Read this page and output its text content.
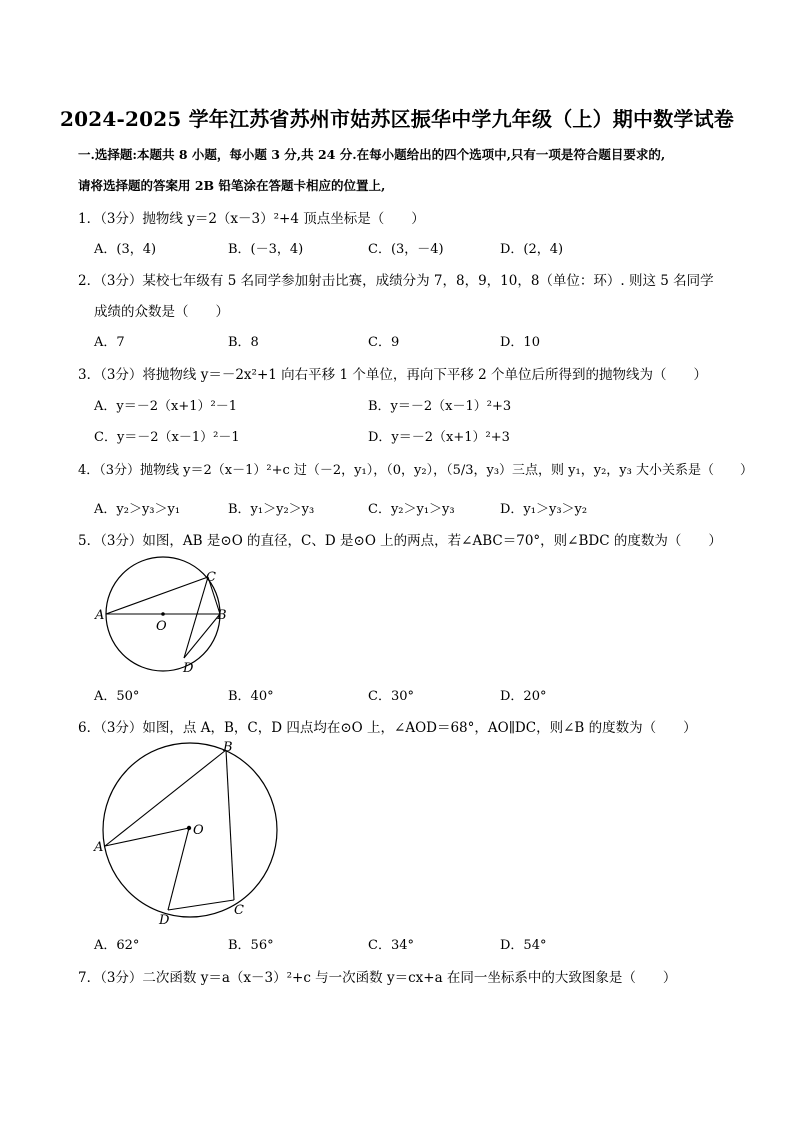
2024-2025 学年江苏省苏州市姑苏区振华中学九年级（上）期中数学试卷
一.选择题:本题共 8 小题，每小题 3 分,共 24 分.在每小题给出的四个选项中,只有一项是符合题目要求的,
请将选择题的答案用 2B 铅笔涂在答题卡相应的位置上,
1．（3分）抛物线 y＝2（x－3）²+4 顶点坐标是（　　）
A．(3，4)	B．(－3，4)	C．(3，－4)	D．(2，4)
2．（3分）某校七年级有 5 名同学参加射击比赛，成绩分为 7，8，9，10，8（单位：环）. 则这 5 名同学
成绩的众数是（　　）
A．7	B．8	C．9	D．10
3．（3分）将抛物线 y＝－2x²+1 向右平移 1 个单位，再向下平移 2 个单位后所得到的抛物线为（　　）
A．y＝－2（x+1）²－1	B．y＝－2（x－1）²+3
C．y＝－2（x－1）²－1	D．y＝－2（x+1）²+3
4．（3分）抛物线 y＝2（x－1）²+c 过（－2，y₁），（0，y₂），（5/3，y₃）三点，则 y₁，y₂，y₃ 大小关系是（　　）
A．y₂＞y₃＞y₁	B．y₁＞y₂＞y₃	C．y₂＞y₁＞y₃	D．y₁＞y₃＞y₂
5．（3分）如图，AB 是⊙O 的直径，C、D 是⊙O 上的两点，若∠ABC＝70°，则∠BDC 的度数为（　　）
A	B
C
D
O
A．50°	B．40°	C．30°	D．20°
6．（3分）如图，点 A，B，C，D 四点均在⊙O 上，∠AOD＝68°，AO∥DC，则∠B 的度数为（　　）
A
B
C
D
O
A．62°	B．56°	C．34°	D．54°
7．（3分）二次函数 y＝a（x－3）²+c 与一次函数 y＝cx+a 在同一坐标系中的大致图象是（　　）
